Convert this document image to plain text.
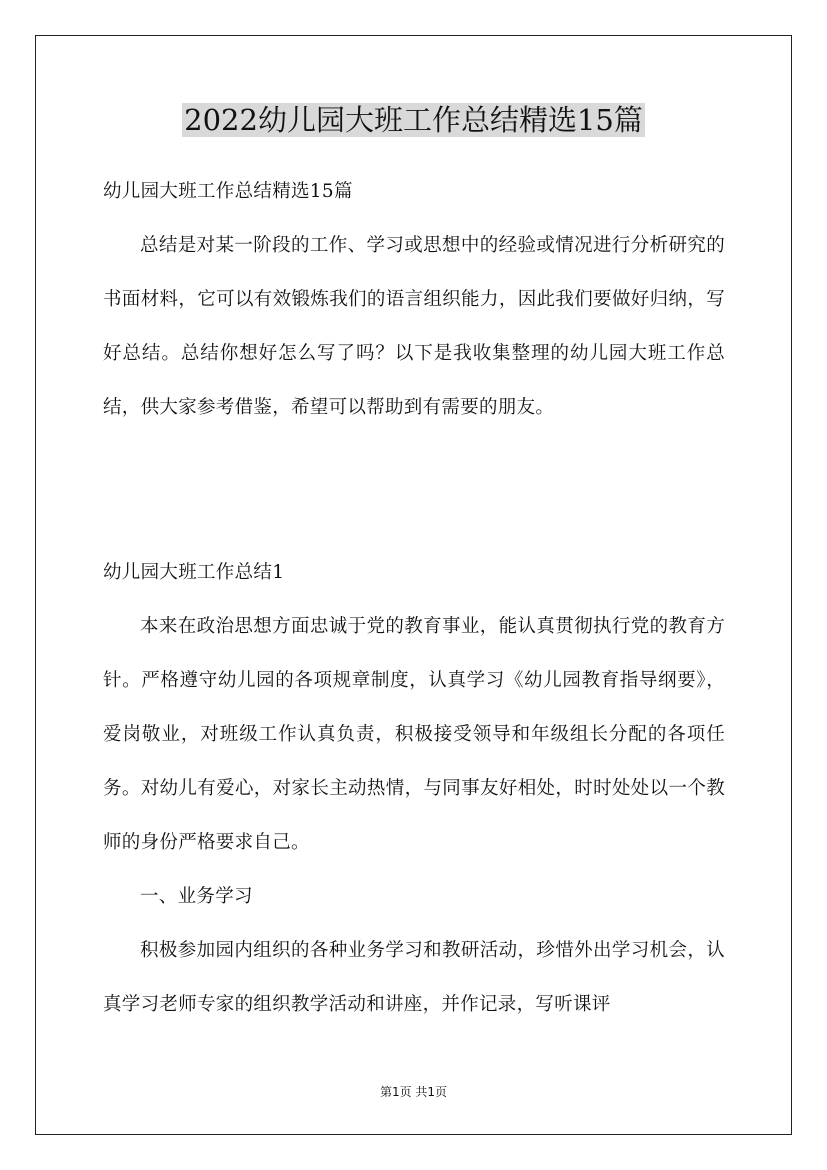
2022幼儿园大班工作总结精选15篇

幼儿园大班工作总结精选15篇

总结是对某一阶段的工作、学习或思想中的经验或情况进行分析研究的书面材料，它可以有效锻炼我们的语言组织能力，因此我们要做好归纳，写好总结。总结你想好怎么写了吗？以下是我收集整理的幼儿园大班工作总结，供大家参考借鉴，希望可以帮助到有需要的朋友。

幼儿园大班工作总结1

本来在政治思想方面忠诚于党的教育事业，能认真贯彻执行党的教育方针。严格遵守幼儿园的各项规章制度，认真学习《幼儿园教育指导纲要》，爱岗敬业，对班级工作认真负责，积极接受领导和年级组长分配的各项任务。对幼儿有爱心，对家长主动热情，与同事友好相处，时时处处以一个教师的身份严格要求自己。

一、业务学习

积极参加园内组织的各种业务学习和教研活动，珍惜外出学习机会，认真学习老师专家的组织教学活动和讲座，并作记录，写听课评

第1页 共1页
